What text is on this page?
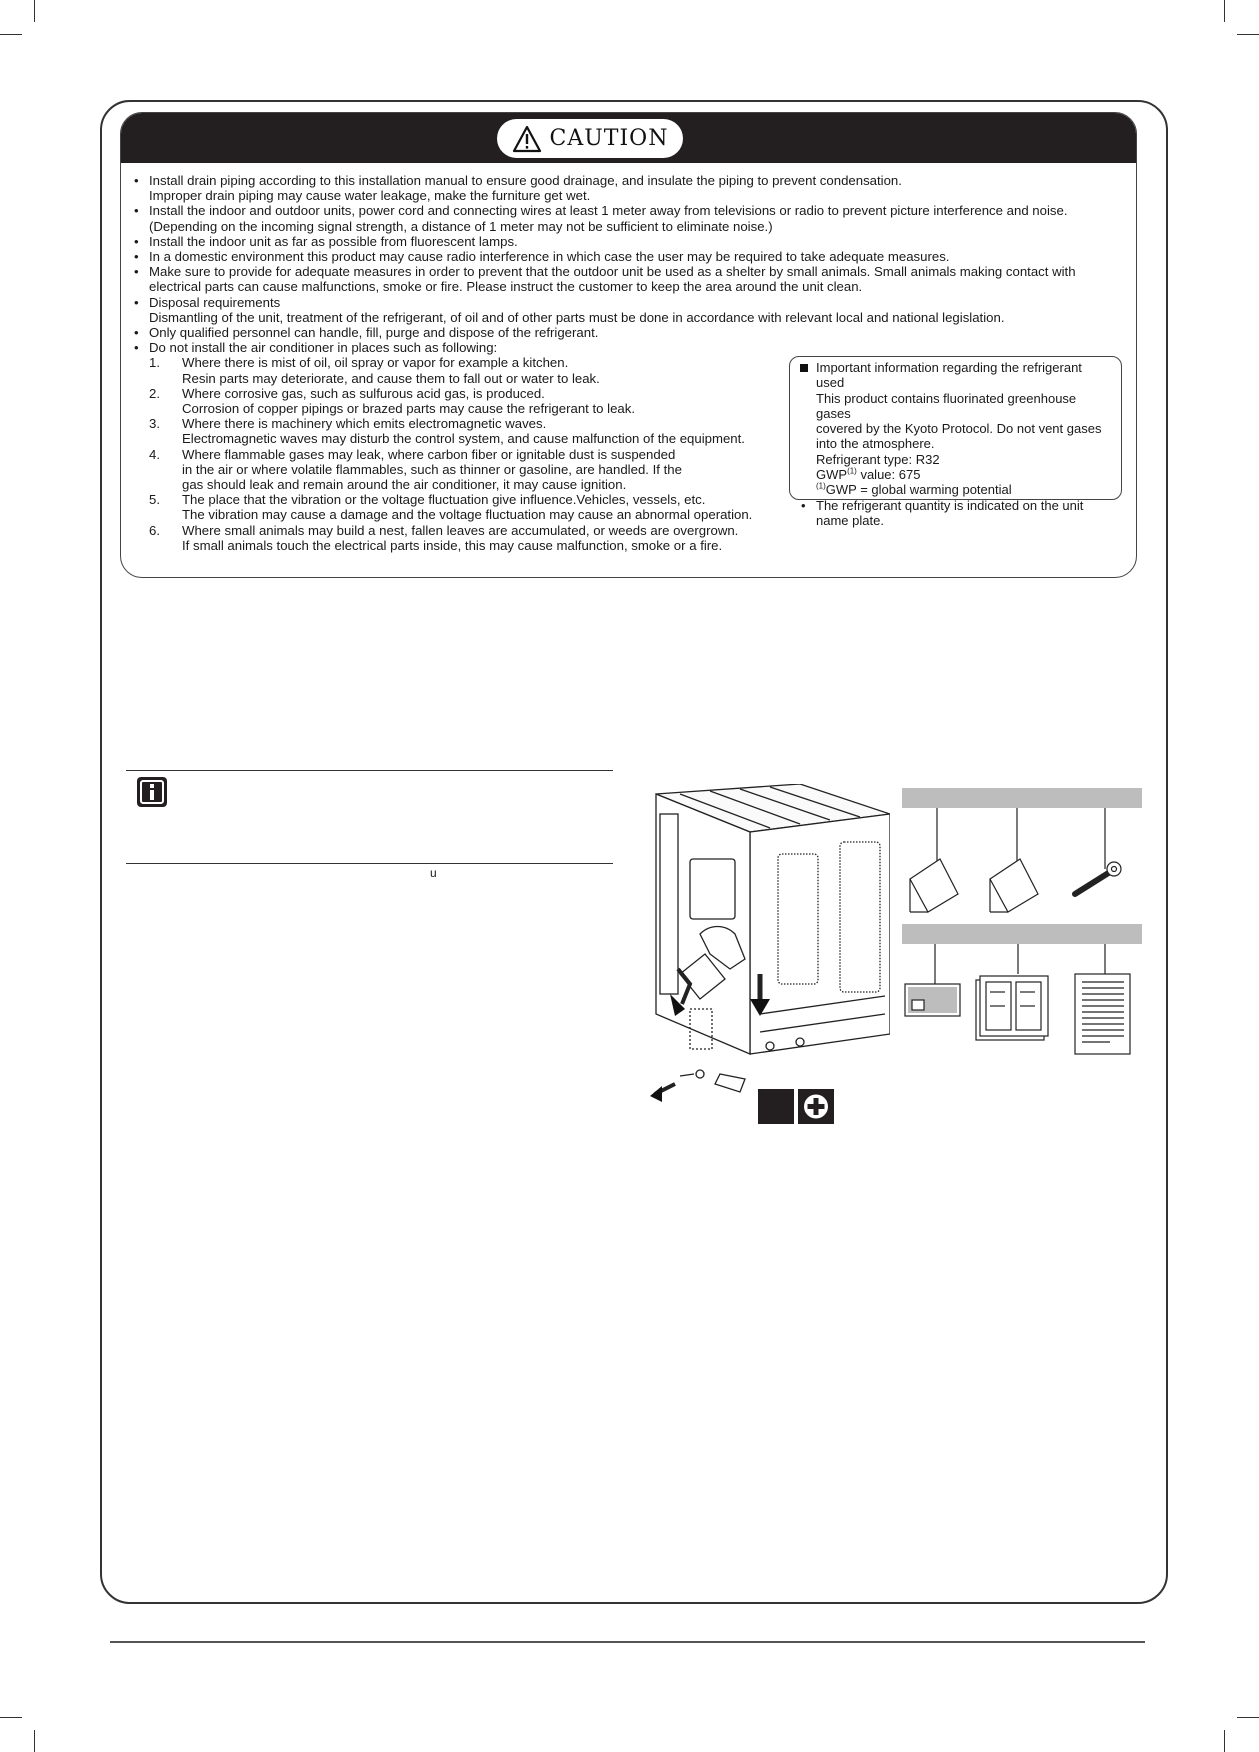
CAUTION
• Install drain piping according to this installation manual to ensure good drainage, and insulate the piping to prevent condensation.
Improper drain piping may cause water leakage, make the furniture get wet.
• Install the indoor and outdoor units, power cord and connecting wires at least 1 meter away from televisions or radio to prevent picture interference and noise.
(Depending on the incoming signal strength, a distance of 1 meter may not be sufficient to eliminate noise.)
• Install the indoor unit as far as possible from fluorescent lamps.
• In a domestic environment this product may cause radio interference in which case the user may be required to take adequate measures.
• Make sure to provide for adequate measures in order to prevent that the outdoor unit be used as a shelter by small animals. Small animals making contact with electrical parts can cause malfunctions, smoke or fire. Please instruct the customer to keep the area around the unit clean.
• Disposal requirements
Dismantling of the unit, treatment of the refrigerant, of oil and of other parts must be done in accordance with relevant local and national legislation.
• Only qualified personnel can handle, fill, purge and dispose of the refrigerant.
• Do not install the air conditioner in places such as following:
1. Where there is mist of oil, oil spray or vapor for example a kitchen.
Resin parts may deteriorate, and cause them to fall out or water to leak.
2. Where corrosive gas, such as sulfurous acid gas, is produced.
Corrosion of copper pipings or brazed parts may cause the refrigerant to leak.
3. Where there is machinery which emits electromagnetic waves.
Electromagnetic waves may disturb the control system, and cause malfunction of the equipment.
4. Where flammable gases may leak, where carbon fiber or ignitable dust is suspended
in the air or where volatile flammables, such as thinner or gasoline, are handled. If the
gas should leak and remain around the air conditioner, it may cause ignition.
5. The place that the vibration or the voltage fluctuation give influence.Vehicles, vessels, etc.
The vibration may cause a damage and the voltage fluctuation may cause an abnormal operation.
6. Where small animals may build a nest, fallen leaves are accumulated, or weeds are overgrown.
If small animals touch the electrical parts inside, this may cause malfunction, smoke or a fire.
Important information regarding the refrigerant used
This product contains fluorinated greenhouse gases
covered by the Kyoto Protocol. Do not vent gases
into the atmosphere.
Refrigerant type: R32
GWP$^{(1)}$ value: 675
$^{(1)}$GWP = global warming potential
• The refrigerant quantity is indicated on the unit
name plate.
u
